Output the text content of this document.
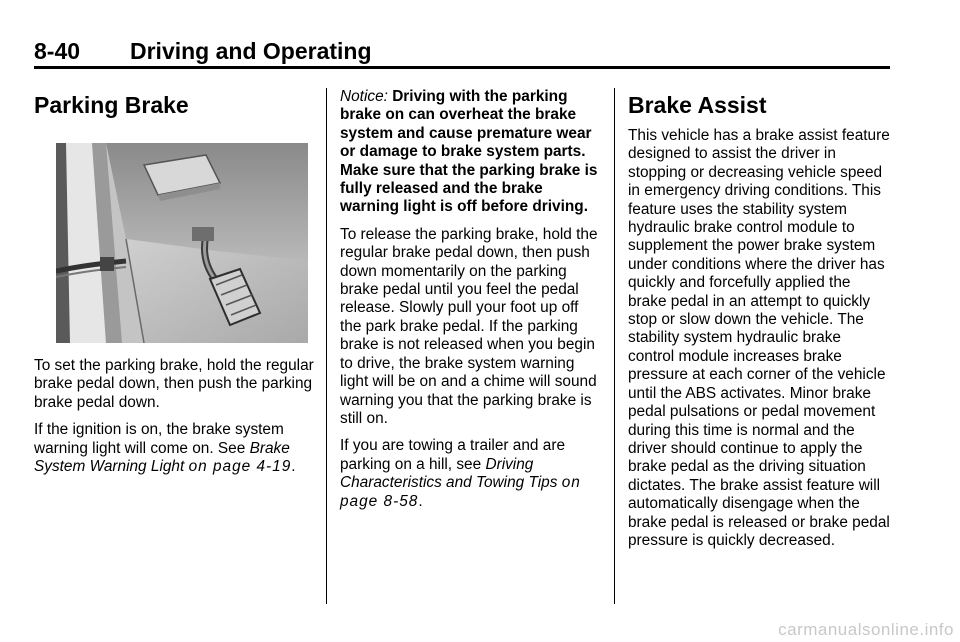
8-40 Driving and Operating
Parking Brake

To set the parking brake, hold the regular brake pedal down, then push the parking brake pedal down.

If the ignition is on, the brake system warning light will come on. See Brake System Warning Light on page 4-19.

Notice: Driving with the parking brake on can overheat the brake system and cause premature wear or damage to brake system parts. Make sure that the parking brake is fully released and the brake warning light is off before driving.

To release the parking brake, hold the regular brake pedal down, then push down momentarily on the parking brake pedal until you feel the pedal release. Slowly pull your foot up off the park brake pedal. If the parking brake is not released when you begin to drive, the brake system warning light will be on and a chime will sound warning you that the parking brake is still on.

If you are towing a trailer and are parking on a hill, see Driving Characteristics and Towing Tips on page 8-58.

Brake Assist

This vehicle has a brake assist feature designed to assist the driver in stopping or decreasing vehicle speed in emergency driving conditions. This feature uses the stability system hydraulic brake control module to supplement the power brake system under conditions where the driver has quickly and forcefully applied the brake pedal in an attempt to quickly stop or slow down the vehicle. The stability system hydraulic brake control module increases brake pressure at each corner of the vehicle until the ABS activates. Minor brake pedal pulsations or pedal movement during this time is normal and the driver should continue to apply the brake pedal as the driving situation dictates. The brake assist feature will automatically disengage when the brake pedal is released or brake pedal pressure is quickly decreased.

carmanualsonline.info
